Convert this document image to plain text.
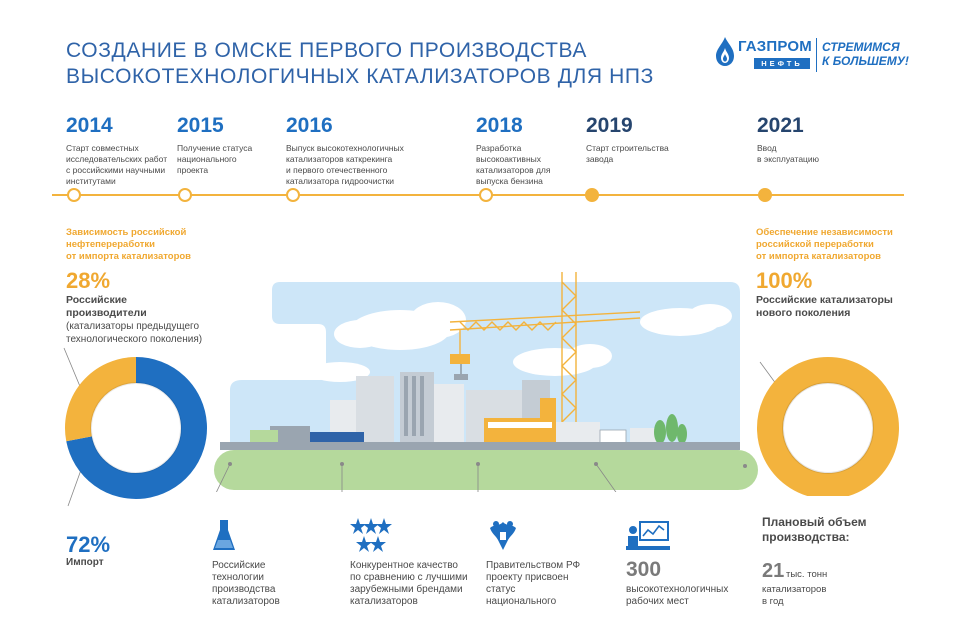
СОЗДАНИЕ В ОМСКЕ ПЕРВОГО ПРОИЗВОДСТВА
ВЫСОКОТЕХНОЛОГИЧНЫХ КАТАЛИЗАТОРОВ ДЛЯ НПЗ
ГАЗПРОМ
НЕФТЬ
СТРЕМИМСЯ
К БОЛЬШЕМУ!
2014
Старт совместных
исследовательских работ
с российскими научными
институтами
2015
Получение статуса
национального
проекта
2016
Выпуск высокотехнологичных
катализаторов каткрекинга
и первого отечественного
катализатора гидроочистки
2018
Разработка
высокоактивных
катализаторов для
выпуска бензина
2019
Старт строительства
завода
2021
Ввод
в эксплуатацию
Зависимость российской
нефтепереработки
от импорта катализаторов
28%
Российские
производители
(катализаторы предыдущего
технологического поколения)
72%
Импорт
Обеспечение независимости
российской переработки
от импорта катализаторов
100%
Российские катализаторы
нового поколения
Российские
технологии
производства
катализаторов
Конкурентное качество
по сравнению с лучшими
зарубежными брендами
катализаторов
Правительством РФ
проекту присвоен
статус
национального
300
высокотехнологичных
рабочих мест
Плановый объем
производства:
21 тыс. тонн
катализаторов
в год
